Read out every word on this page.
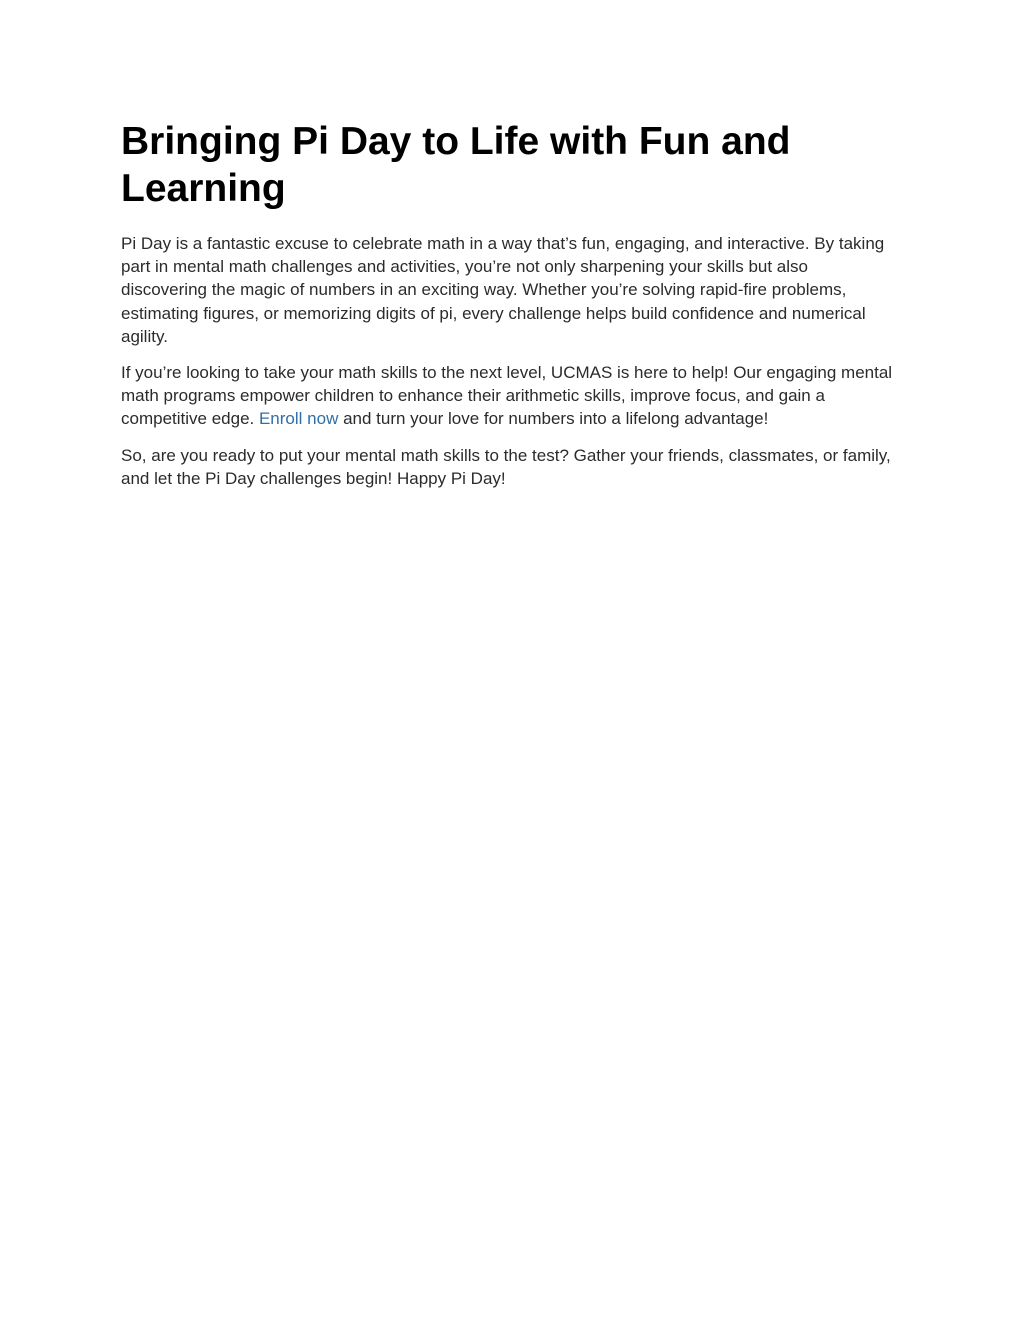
Bringing Pi Day to Life with Fun and Learning

Pi Day is a fantastic excuse to celebrate math in a way that’s fun, engaging, and interactive. By taking part in mental math challenges and activities, you’re not only sharpening your skills but also discovering the magic of numbers in an exciting way. Whether you’re solving rapid-fire problems, estimating figures, or memorizing digits of pi, every challenge helps build confidence and numerical agility.

If you’re looking to take your math skills to the next level, UCMAS is here to help! Our engaging mental math programs empower children to enhance their arithmetic skills, improve focus, and gain a competitive edge. Enroll now and turn your love for numbers into a lifelong advantage!

So, are you ready to put your mental math skills to the test? Gather your friends, classmates, or family, and let the Pi Day challenges begin! Happy Pi Day!
